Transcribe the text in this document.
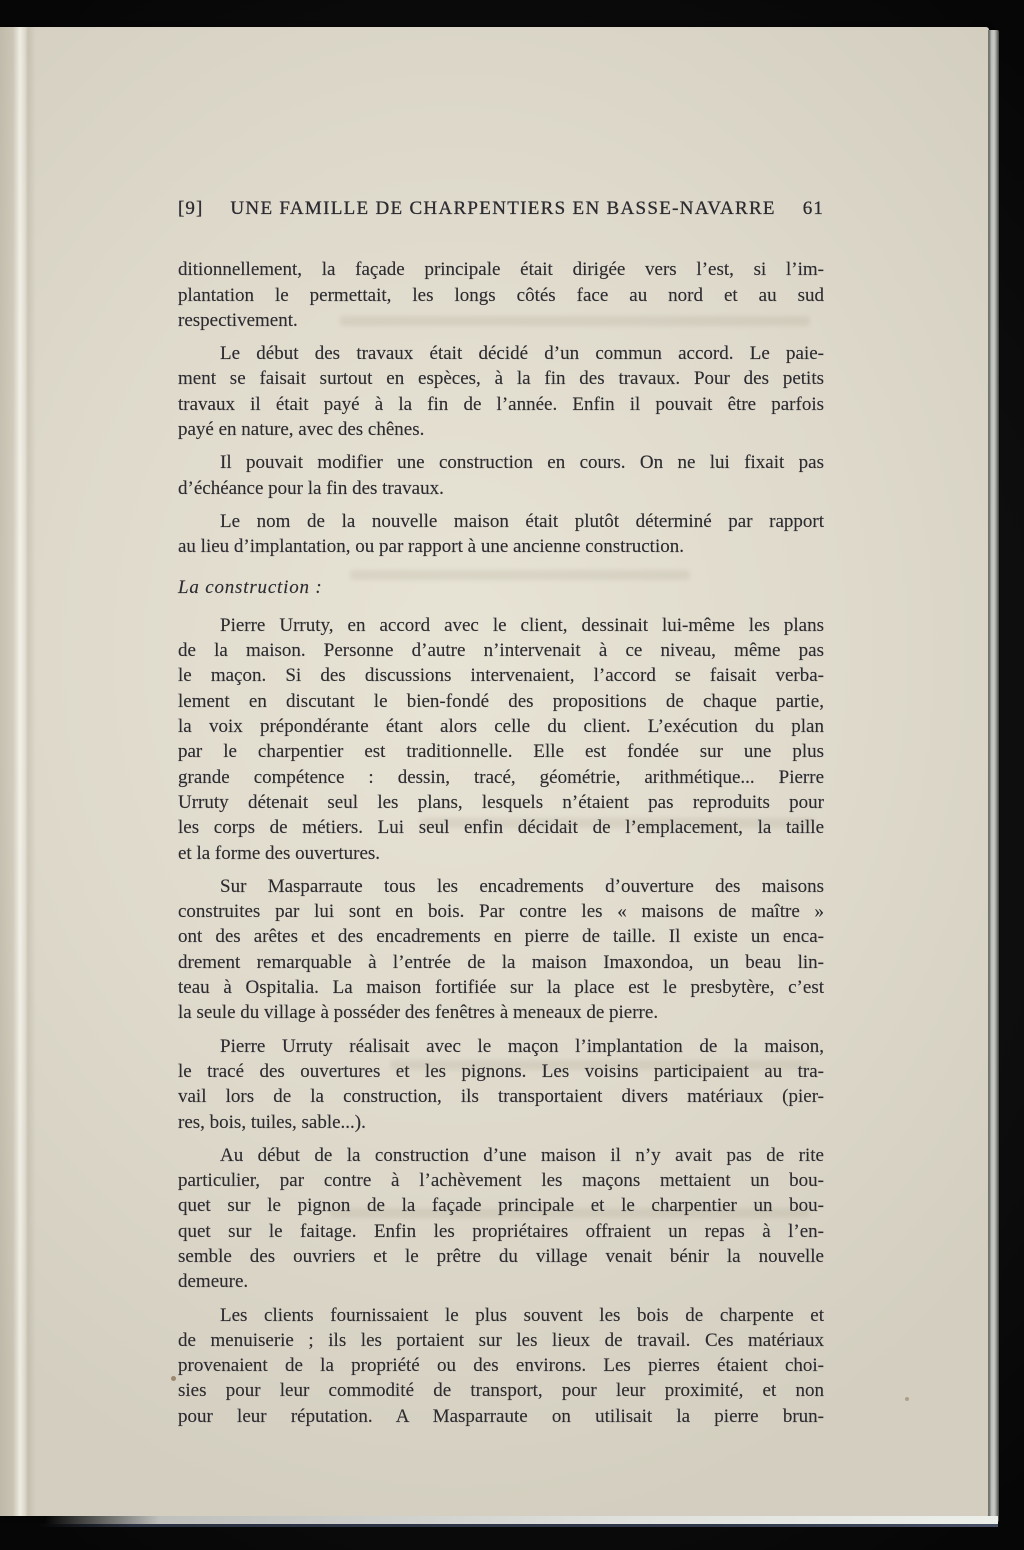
[9] UNE FAMILLE DE CHARPENTIERS EN BASSE-NAVARRE 61
ditionnellement, la façade principale était dirigée vers l’est, si l’im-
plantation le permettait, les longs côtés face au nord et au sud
respectivement.
Le début des travaux était décidé d’un commun accord. Le paie-
ment se faisait surtout en espèces, à la fin des travaux. Pour des petits
travaux il était payé à la fin de l’année. Enfin il pouvait être parfois
payé en nature, avec des chênes.
Il pouvait modifier une construction en cours. On ne lui fixait pas
d’échéance pour la fin des travaux.
Le nom de la nouvelle maison était plutôt déterminé par rapport
au lieu d’implantation, ou par rapport à une ancienne construction.
La construction :
Pierre Urruty, en accord avec le client, dessinait lui-même les plans
de la maison. Personne d’autre n’intervenait à ce niveau, même pas
le maçon. Si des discussions intervenaient, l’accord se faisait verba-
lement en discutant le bien-fondé des propositions de chaque partie,
la voix prépondérante étant alors celle du client. L’exécution du plan
par le charpentier est traditionnelle. Elle est fondée sur une plus
grande compétence : dessin, tracé, géométrie, arithmétique... Pierre
Urruty détenait seul les plans, lesquels n’étaient pas reproduits pour
les corps de métiers. Lui seul enfin décidait de l’emplacement, la taille
et la forme des ouvertures.
Sur Masparraute tous les encadrements d’ouverture des maisons
construites par lui sont en bois. Par contre les « maisons de maître »
ont des arêtes et des encadrements en pierre de taille. Il existe un enca-
drement remarquable à l’entrée de la maison Imaxondoa, un beau lin-
teau à Ospitalia. La maison fortifiée sur la place est le presbytère, c’est
la seule du village à posséder des fenêtres à meneaux de pierre.
Pierre Urruty réalisait avec le maçon l’implantation de la maison,
le tracé des ouvertures et les pignons. Les voisins participaient au tra-
vail lors de la construction, ils transportaient divers matériaux (pier-
res, bois, tuiles, sable...).
Au début de la construction d’une maison il n’y avait pas de rite
particulier, par contre à l’achèvement les maçons mettaient un bou-
quet sur le pignon de la façade principale et le charpentier un bou-
quet sur le faitage. Enfin les propriétaires offraient un repas à l’en-
semble des ouvriers et le prêtre du village venait bénir la nouvelle
demeure.
Les clients fournissaient le plus souvent les bois de charpente et
de menuiserie ; ils les portaient sur les lieux de travail. Ces matériaux
provenaient de la propriété ou des environs. Les pierres étaient choi-
sies pour leur commodité de transport, pour leur proximité, et non
pour leur réputation. A Masparraute on utilisait la pierre brun-
